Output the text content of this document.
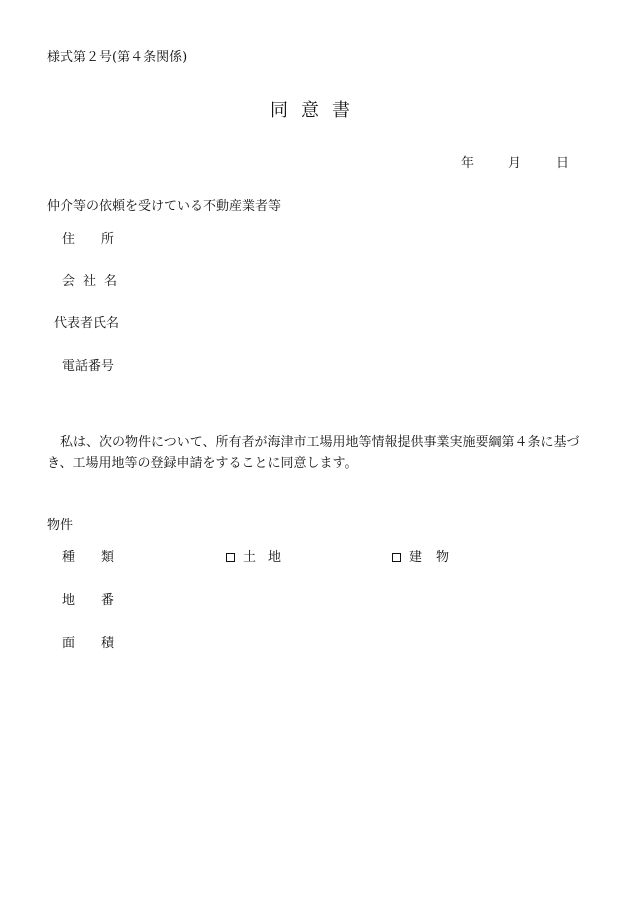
様式第２号(第４条関係)
同意書
年	月	日
仲介等の依頼を受けている不動産業者等
住所
会社名
代表者氏名
電話番号
私は、次の物件について、所有者が海津市工場用地等情報提供事業実施要綱第４条に基づき、工場用地等の登録申請をすることに同意します。
物件
種類	土地	建物
地番
面積
